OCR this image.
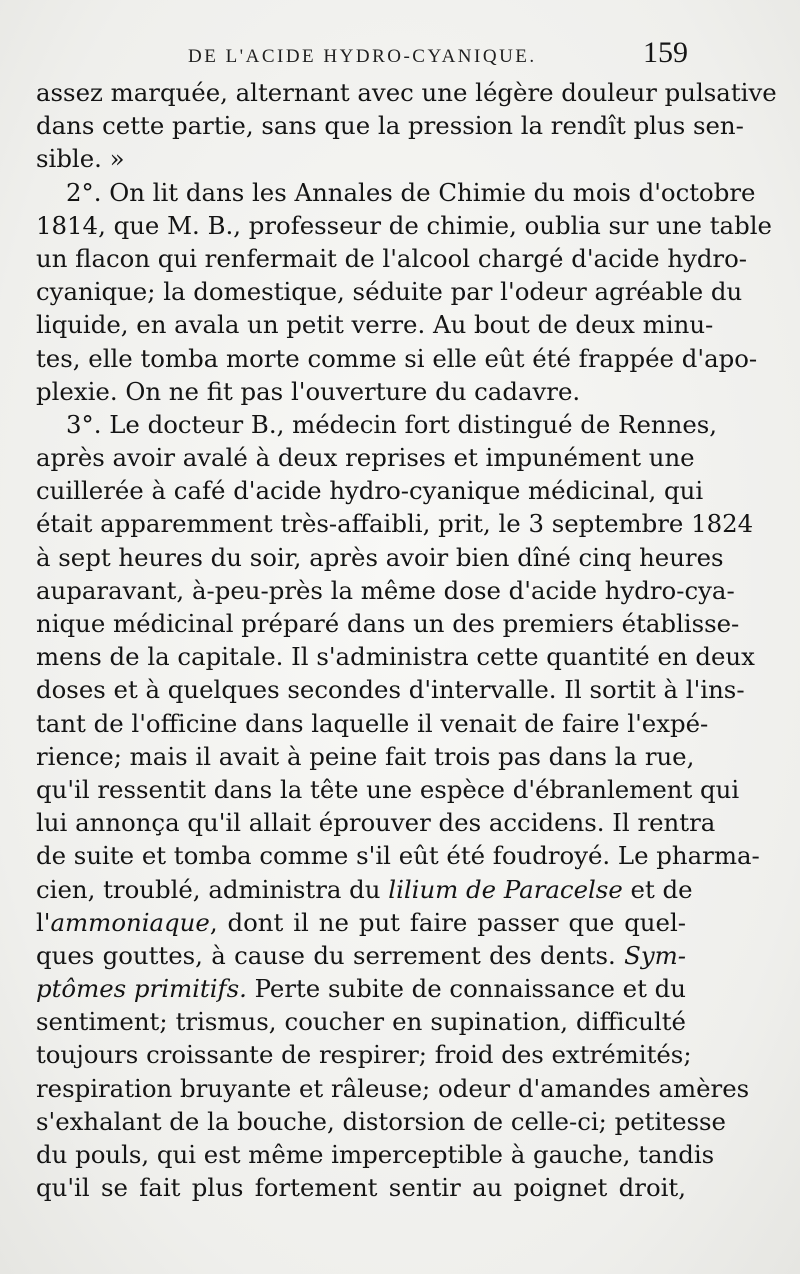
DE L'ACIDE HYDRO-CYANIQUE.	159
assez marquée, alternant avec une légère douleur pulsative
dans cette partie, sans que la pression la rendît plus sen-
sible. »
2°. On lit dans les Annales de Chimie du mois d'octobre
1814, que M. B., professeur de chimie, oublia sur une table
un flacon qui renfermait de l'alcool chargé d'acide hydro-
cyanique; la domestique, séduite par l'odeur agréable du
liquide, en avala un petit verre. Au bout de deux minu-
tes, elle tomba morte comme si elle eût été frappée d'apo-
plexie. On ne fit pas l'ouverture du cadavre.
3°. Le docteur B., médecin fort distingué de Rennes,
après avoir avalé à deux reprises et impunément une
cuillerée à café d'acide hydro-cyanique médicinal, qui
était apparemment très-affaibli, prit, le 3 septembre 1824
à sept heures du soir, après avoir bien dîné cinq heures
auparavant, à-peu-près la même dose d'acide hydro-cya-
nique médicinal préparé dans un des premiers établisse-
mens de la capitale. Il s'administra cette quantité en deux
doses et à quelques secondes d'intervalle. Il sortit à l'ins-
tant de l'officine dans laquelle il venait de faire l'expé-
rience; mais il avait à peine fait trois pas dans la rue,
qu'il ressentit dans la tête une espèce d'ébranlement qui
lui annonça qu'il allait éprouver des accidens. Il rentra
de suite et tomba comme s'il eût été foudroyé. Le pharma-
cien, troublé, administra du lilium de Paracelse et de
l'ammoniaque, dont il ne put faire passer que quel-
ques gouttes, à cause du serrement des dents. Sym-
ptômes primitifs. Perte subite de connaissance et du
sentiment; trismus, coucher en supination, difficulté
toujours croissante de respirer; froid des extrémités;
respiration bruyante et râleuse; odeur d'amandes amères
s'exhalant de la bouche, distorsion de celle-ci; petitesse
du pouls, qui est même imperceptible à gauche, tandis
qu'il se fait plus fortement sentir au poignet droit,
